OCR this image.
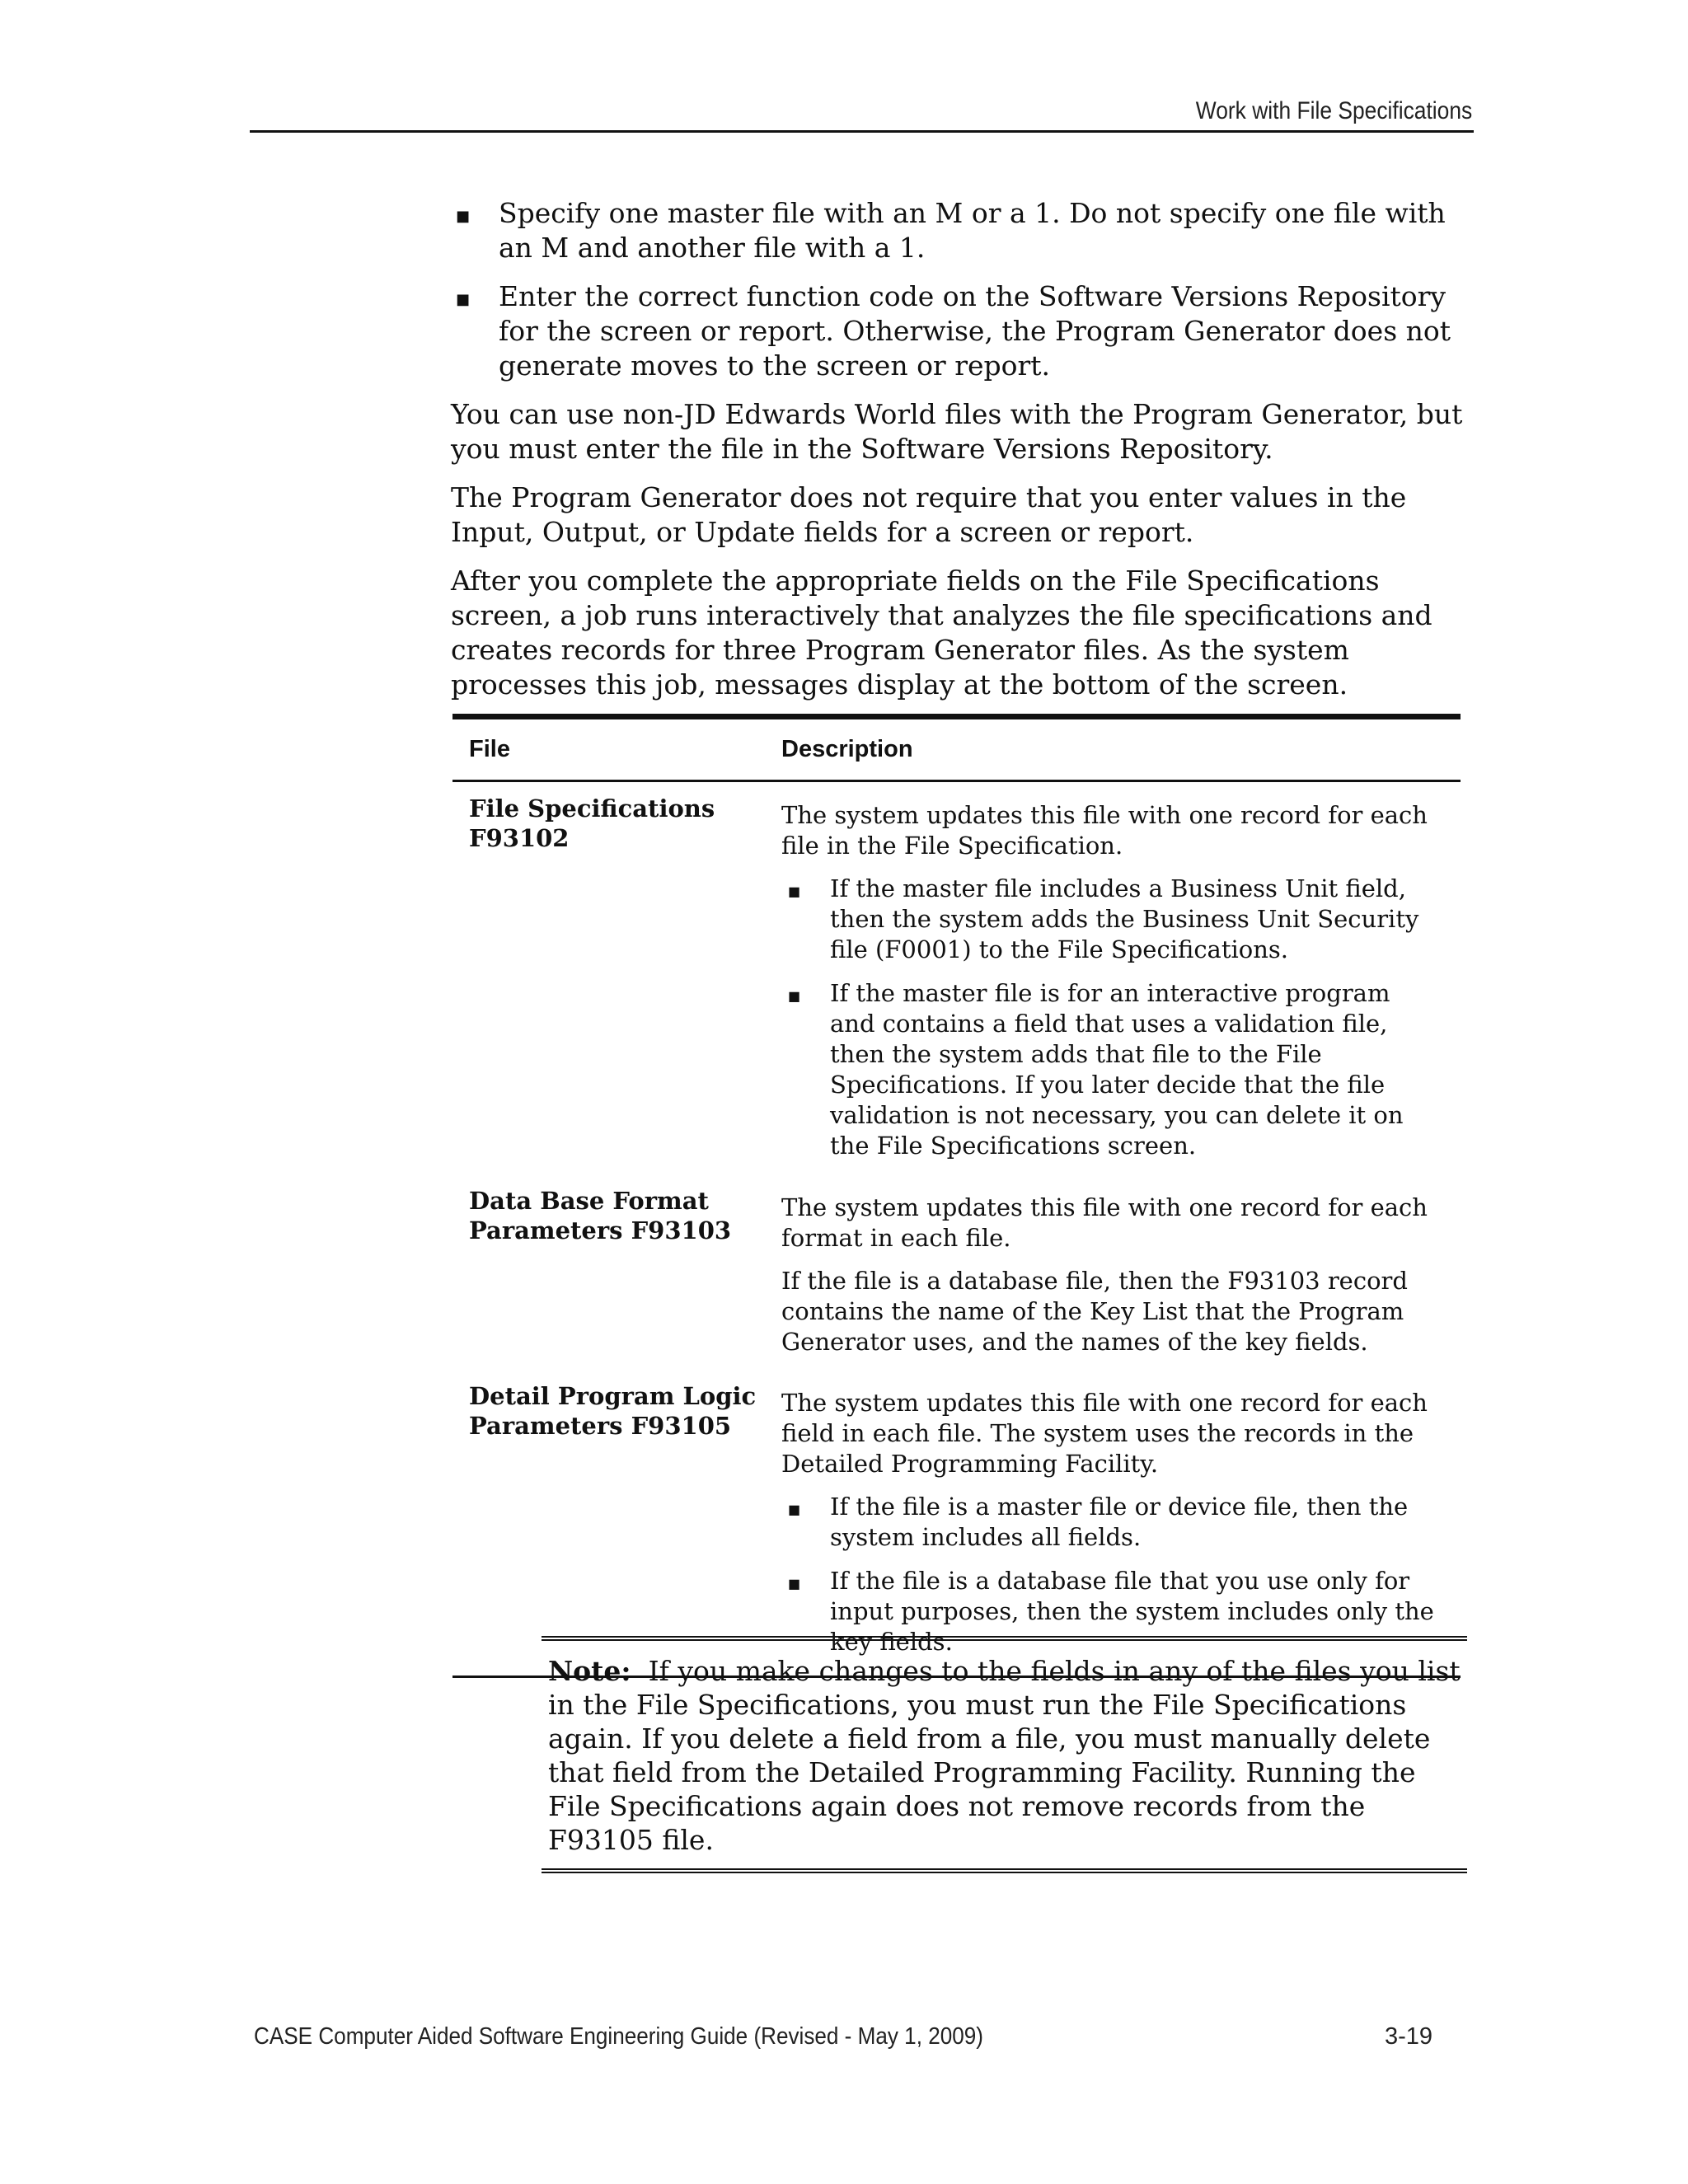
Work with File Specifications
■ Specify one master file with an M or a 1. Do not specify one file with an M and another file with a 1.
■ Enter the correct function code on the Software Versions Repository for the screen or report. Otherwise, the Program Generator does not generate moves to the screen or report.

You can use non-JD Edwards World files with the Program Generator, but you must enter the file in the Software Versions Repository.

The Program Generator does not require that you enter values in the Input, Output, or Update fields for a screen or report.

After you complete the appropriate fields on the File Specifications screen, a job runs interactively that analyzes the file specifications and creates records for three Program Generator files. As the system processes this job, messages display at the bottom of the screen.

File	Description
File Specifications F93102

The system updates this file with one record for each file in the File Specification.

■ If the master file includes a Business Unit field, then the system adds the Business Unit Security file (F0001) to the File Specifications.
■ If the master file is for an interactive program and contains a field that uses a validation file, then the system adds that file to the File Specifications. If you later decide that the file validation is not necessary, you can delete it on the File Specifications screen.
Data Base Format Parameters F93103

The system updates this file with one record for each format in each file.

If the file is a database file, then the F93103 record contains the name of the Key List that the Program Generator uses, and the names of the key fields.

Detail Program Logic Parameters F93105

The system updates this file with one record for each field in each file. The system uses the records in the Detailed Programming Facility.

■ If the file is a master file or device file, then the system includes all fields.
■ If the file is a database file that you use only for input purposes, then the system includes only the key fields.
Note: If you make changes to the fields in any of the files you list in the File Specifications, you must run the File Specifications again. If you delete a field from a file, you must manually delete that field from the Detailed Programming Facility. Running the File Specifications again does not remove records from the F93105 file.
CASE Computer Aided Software Engineering Guide (Revised - May 1, 2009)	3-19
